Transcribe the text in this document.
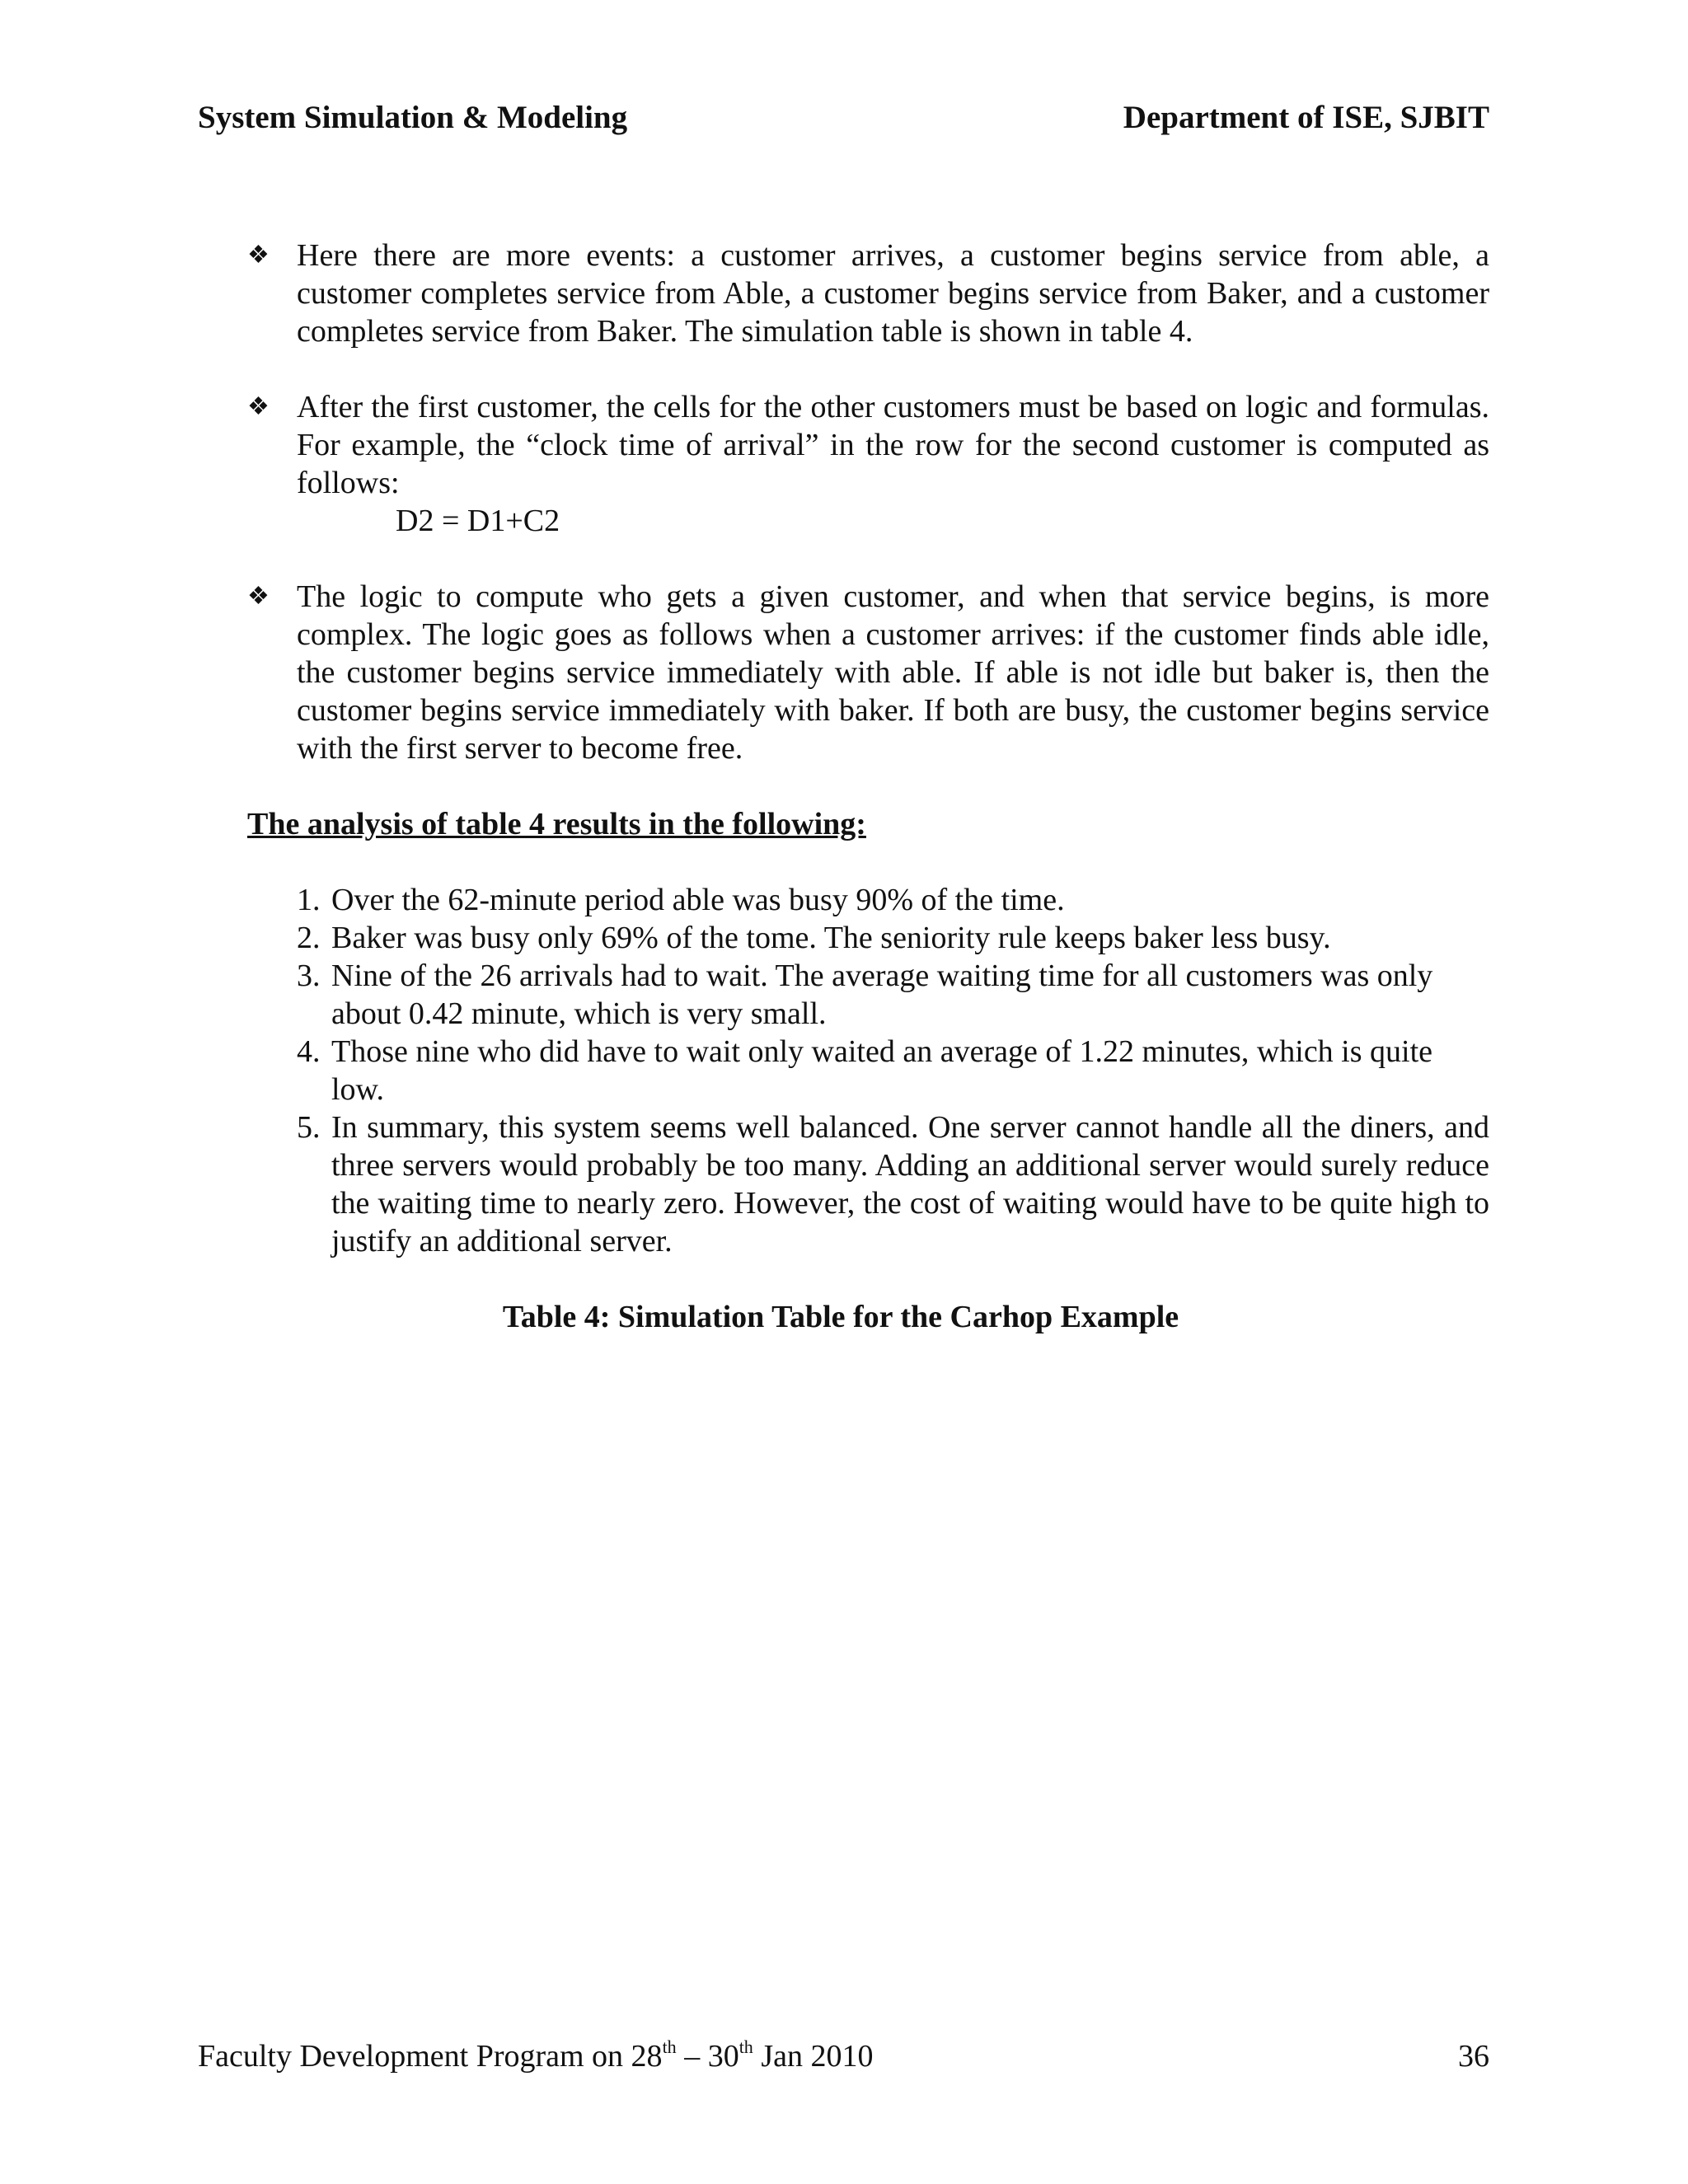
System Simulation & Modeling	Department of ISE, SJBIT
❖ Here there are more events: a customer arrives, a customer begins service from able, a customer completes service from Able, a customer begins service from Baker, and a customer completes service from Baker. The simulation table is shown in table 4.
❖ After the first customer, the cells for the other customers must be based on logic and formulas. For example, the “clock time of arrival” in the row for the second customer is computed as follows:
D2 = D1+C2
❖ The logic to compute who gets a given customer, and when that service begins, is more complex. The logic goes as follows when a customer arrives: if the customer finds able idle, the customer begins service immediately with able. If able is not idle but baker is, then the customer begins service immediately with baker. If both are busy, the customer begins service with the first server to become free.
The analysis of table 4 results in the following:
1. Over the 62-minute period able was busy 90% of the time.
2. Baker was busy only 69% of the tome. The seniority rule keeps baker less busy.
3. Nine of the 26 arrivals had to wait. The average waiting time for all customers was only about 0.42 minute, which is very small.
4. Those nine who did have to wait only waited an average of 1.22 minutes, which is quite low.
5. In summary, this system seems well balanced. One server cannot handle all the diners, and three servers would probably be too many. Adding an additional server would surely reduce the waiting time to nearly zero. However, the cost of waiting would have to be quite high to justify an additional server.
Table 4: Simulation Table for the Carhop Example
Faculty Development Program on 28th – 30th Jan 2010	36
